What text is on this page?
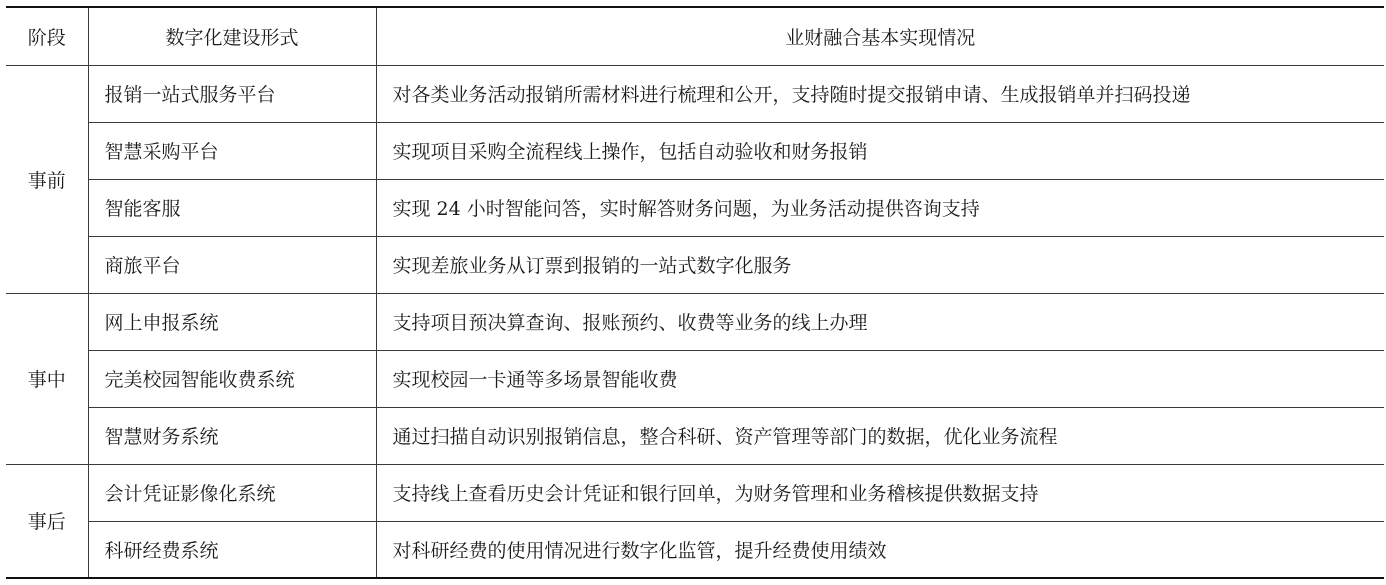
阶段	数字化建设形式	业财融合基本实现情况
事前	报销一站式服务平台	对各类业务活动报销所需材料进行梳理和公开，支持随时提交报销申请、生成报销单并扫码投递
	智慧采购平台	实现项目采购全流程线上操作，包括自动验收和财务报销
	智能客服	实现 24 小时智能问答，实时解答财务问题，为业务活动提供咨询支持
	商旅平台	实现差旅业务从订票到报销的一站式数字化服务
事中	网上申报系统	支持项目预决算查询、报账预约、收费等业务的线上办理
	完美校园智能收费系统	实现校园一卡通等多场景智能收费
	智慧财务系统	通过扫描自动识别报销信息，整合科研、资产管理等部门的数据，优化业务流程
事后	会计凭证影像化系统	支持线上查看历史会计凭证和银行回单，为财务管理和业务稽核提供数据支持
	科研经费系统	对科研经费的使用情况进行数字化监管，提升经费使用绩效
